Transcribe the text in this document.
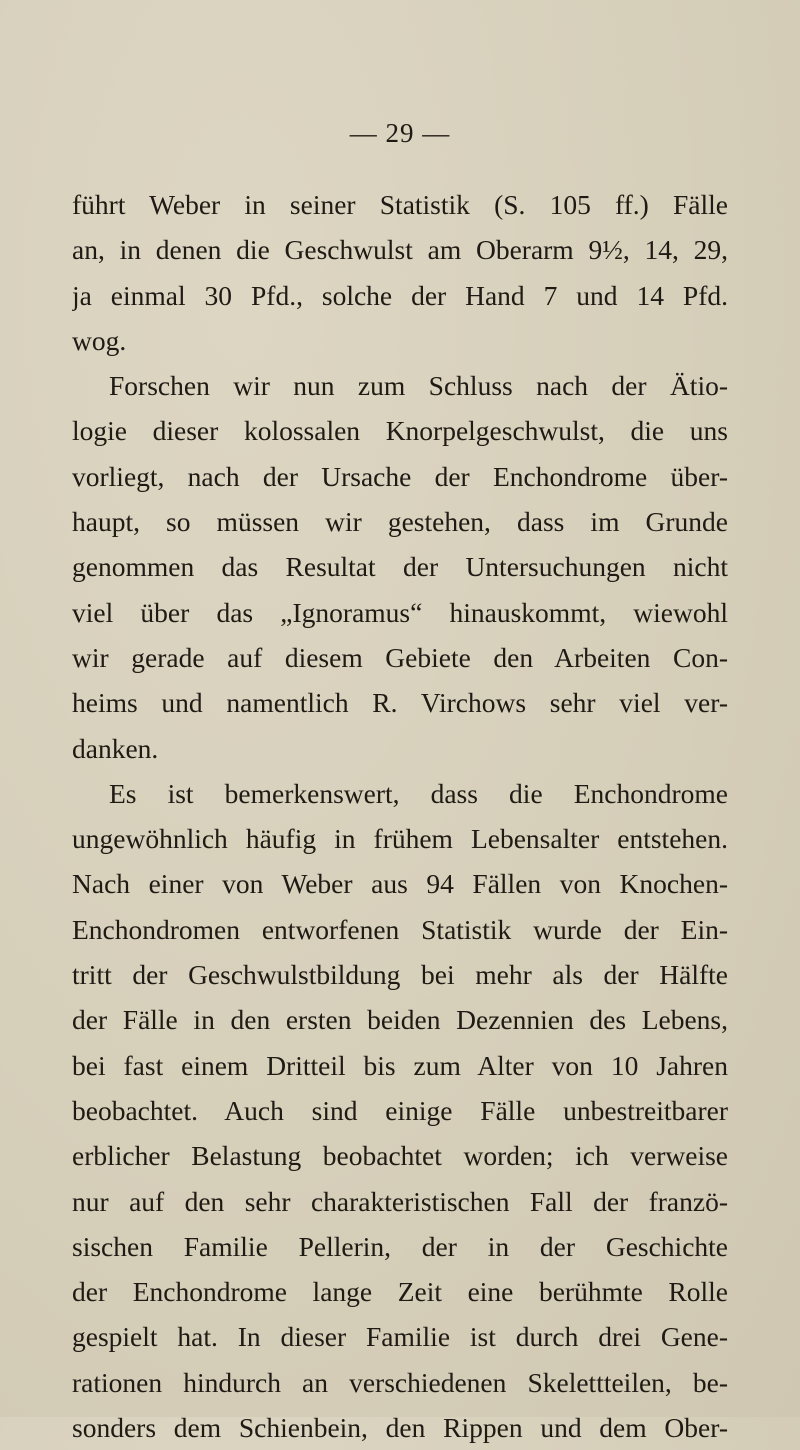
— 29 —
führt Weber in seiner Statistik (S. 105 ff.) Fälle
an, in denen die Geschwulst am Oberarm 9½, 14, 29,
ja einmal 30 Pfd., solche der Hand 7 und 14 Pfd.
wog.
Forschen wir nun zum Schluss nach der Ätio-
logie dieser kolossalen Knorpelgeschwulst, die uns
vorliegt, nach der Ursache der Enchondrome über-
haupt, so müssen wir gestehen, dass im Grunde
genommen das Resultat der Untersuchungen nicht
viel über das „Ignoramus“ hinauskommt, wiewohl
wir gerade auf diesem Gebiete den Arbeiten Con-
heims und namentlich R. Virchows sehr viel ver-
danken.
Es ist bemerkenswert, dass die Enchondrome
ungewöhnlich häufig in frühem Lebensalter entstehen.
Nach einer von Weber aus 94 Fällen von Knochen-
Enchondromen entworfenen Statistik wurde der Ein-
tritt der Geschwulstbildung bei mehr als der Hälfte
der Fälle in den ersten beiden Dezennien des Lebens,
bei fast einem Dritteil bis zum Alter von 10 Jahren
beobachtet. Auch sind einige Fälle unbestreitbarer
erblicher Belastung beobachtet worden; ich verweise
nur auf den sehr charakteristischen Fall der franzö-
sischen Familie Pellerin, der in der Geschichte
der Enchondrome lange Zeit eine berühmte Rolle
gespielt hat. In dieser Familie ist durch drei Gene-
rationen hindurch an verschiedenen Skelettteilen, be-
sonders dem Schienbein, den Rippen und dem Ober-
